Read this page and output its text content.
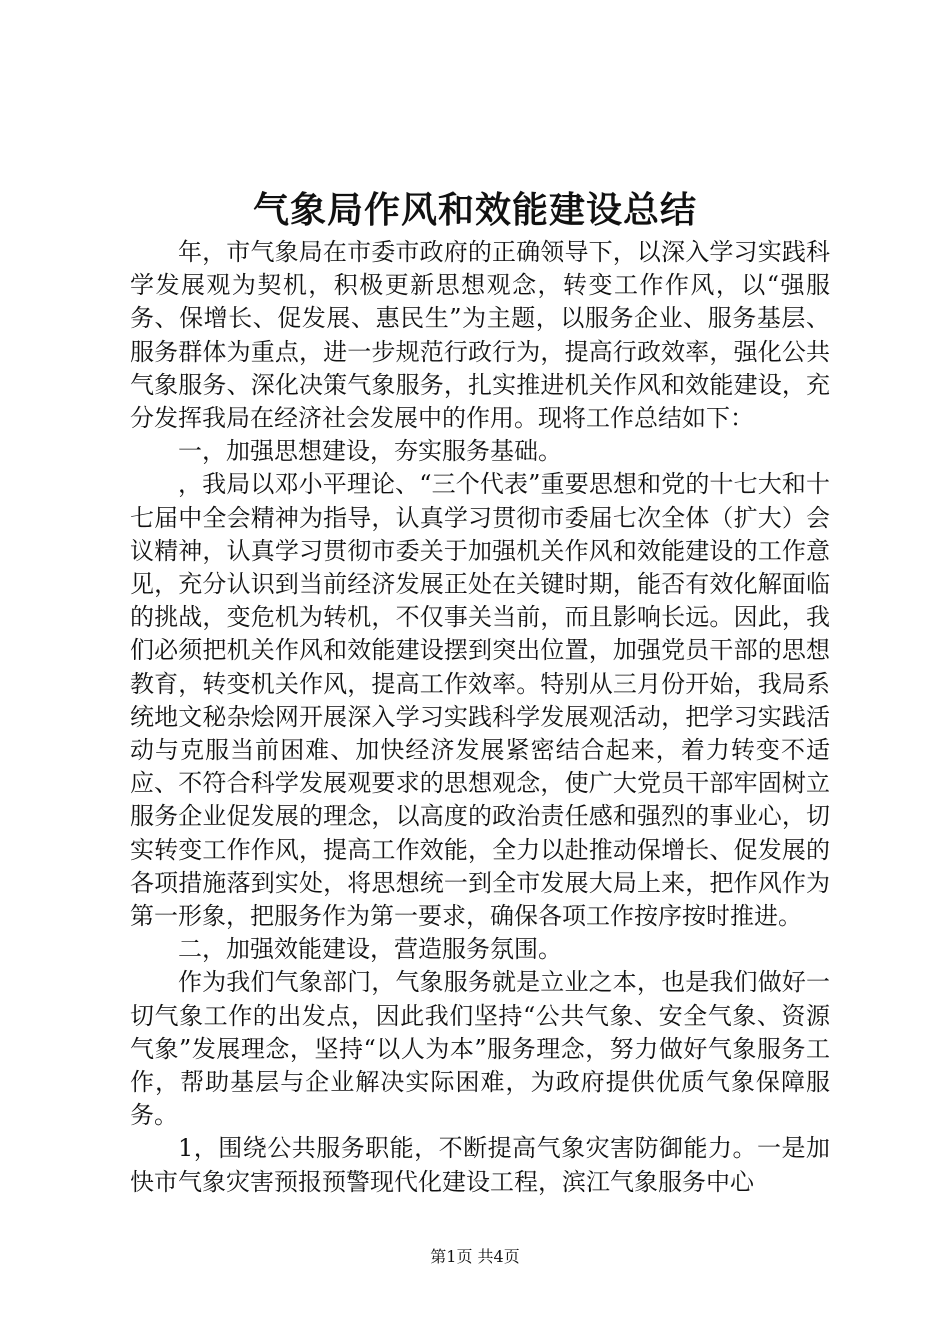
气象局作风和效能建设总结

年，市气象局在市委市政府的正确领导下，以深入学习实践科学发展观为契机，积极更新思想观念，转变工作作风，以“强服务、保增长、促发展、惠民生”为主题，以服务企业、服务基层、服务群体为重点，进一步规范行政行为，提高行政效率，强化公共气象服务、深化决策气象服务，扎实推进机关作风和效能建设，充分发挥我局在经济社会发展中的作用。现将工作总结如下：

一，加强思想建设，夯实服务基础。

，我局以邓小平理论、“三个代表”重要思想和党的十七大和十七届中全会精神为指导，认真学习贯彻市委届七次全体（扩大）会议精神，认真学习贯彻市委关于加强机关作风和效能建设的工作意见，充分认识到当前经济发展正处在关键时期，能否有效化解面临的挑战，变危机为转机，不仅事关当前，而且影响长远。因此，我们必须把机关作风和效能建设摆到突出位置，加强党员干部的思想教育，转变机关作风，提高工作效率。特别从三月份开始，我局系统地文秘杂烩网开展深入学习实践科学发展观活动，把学习实践活动与克服当前困难、加快经济发展紧密结合起来，着力转变不适应、不符合科学发展观要求的思想观念，使广大党员干部牢固树立服务企业促发展的理念，以高度的政治责任感和强烈的事业心，切实转变工作作风，提高工作效能，全力以赴推动保增长、促发展的各项措施落到实处，将思想统一到全市发展大局上来，把作风作为第一形象，把服务作为第一要求，确保各项工作按序按时推进。

二，加强效能建设，营造服务氛围。

作为我们气象部门，气象服务就是立业之本，也是我们做好一切气象工作的出发点，因此我们坚持“公共气象、安全气象、资源气象”发展理念，坚持“以人为本”服务理念，努力做好气象服务工作，帮助基层与企业解决实际困难，为政府提供优质气象保障服务。

1，围绕公共服务职能，不断提高气象灾害防御能力。一是加快市气象灾害预报预警现代化建设工程，滨江气象服务中心

第1页 共4页
